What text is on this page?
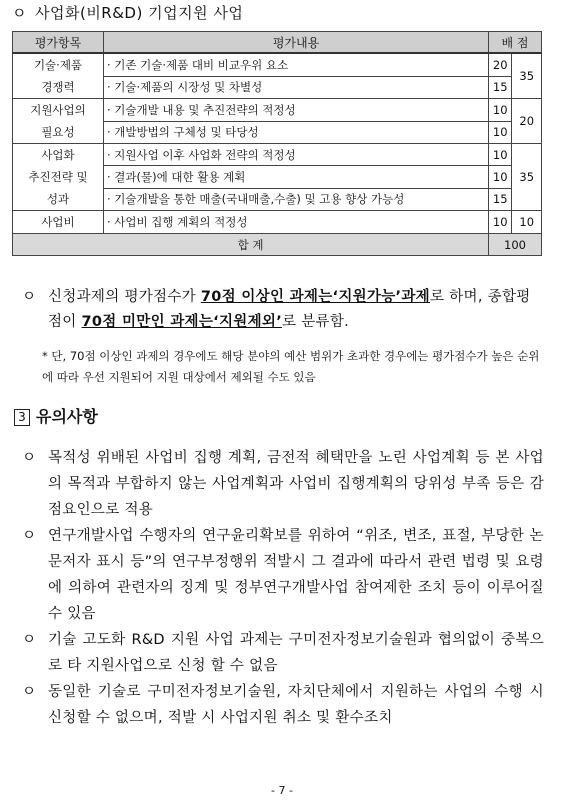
ㅇ 사업화(비R&D) 기업지원 사업
평가항목	평가내용	배 점	
기술·제품
경쟁력	· 기존 기술·제품 대비 비교우위 요소	20	35
	· 기술·제품의 시장성 및 차별성	15	
지원사업의
필요성	· 기술개발 내용 및 추진전략의 적정성	10	20
	· 개발방법의 구체성 및 타당성	10	
사업화
추진전략 및
성과	· 지원사업 이후 사업화 전략의 적정성	10	35
	· 결과(물)에 대한 활용 계획	10	
	· 기술개발을 통한 매출(국내매출,수출) 및 고용 향상 가능성	15	
사업비	· 사업비 집행 계획의 적정성	10	10
합 계		100	
ㅇ 신청과제의 평가점수가 70점 이상인 과제는‘지원가능’과제로 하며, 종합평점이 70점 미만인 과제는‘지원제외’로 분류함.
* 단, 70점 이상인 과제의 경우에도 해당 분야의 예산 범위가 초과한 경우에는 평가점수가 높은 순위에 따라 우선 지원되어 지원 대상에서 제외될 수도 있음
3 유의사항
ㅇ 목적성 위배된 사업비 집행 계획, 금전적 혜택만을 노린 사업계획 등 본 사업의 목적과 부합하지 않는 사업계획과 사업비 집행계획의 당위성 부족 등은 감점요인으로 적용
ㅇ 연구개발사업 수행자의 연구윤리확보를 위하여 “위조, 변조, 표절, 부당한 논문저자 표시 등”의 연구부정행위 적발시 그 결과에 따라서 관련 법령 및 요령에 의하여 관련자의 징계 및 정부연구개발사업 참여제한 조치 등이 이루어질 수 있음
ㅇ 기술 고도화 R&D 지원 사업 과제는 구미전자정보기술원과 협의없이 중복으로 타 지원사업으로 신청 할 수 없음
ㅇ 동일한 기술로 구미전자정보기술원, 자치단체에서 지원하는 사업의 수행 시 신청할 수 없으며, 적발 시 사업지원 취소 및 환수조치
- 7 -
